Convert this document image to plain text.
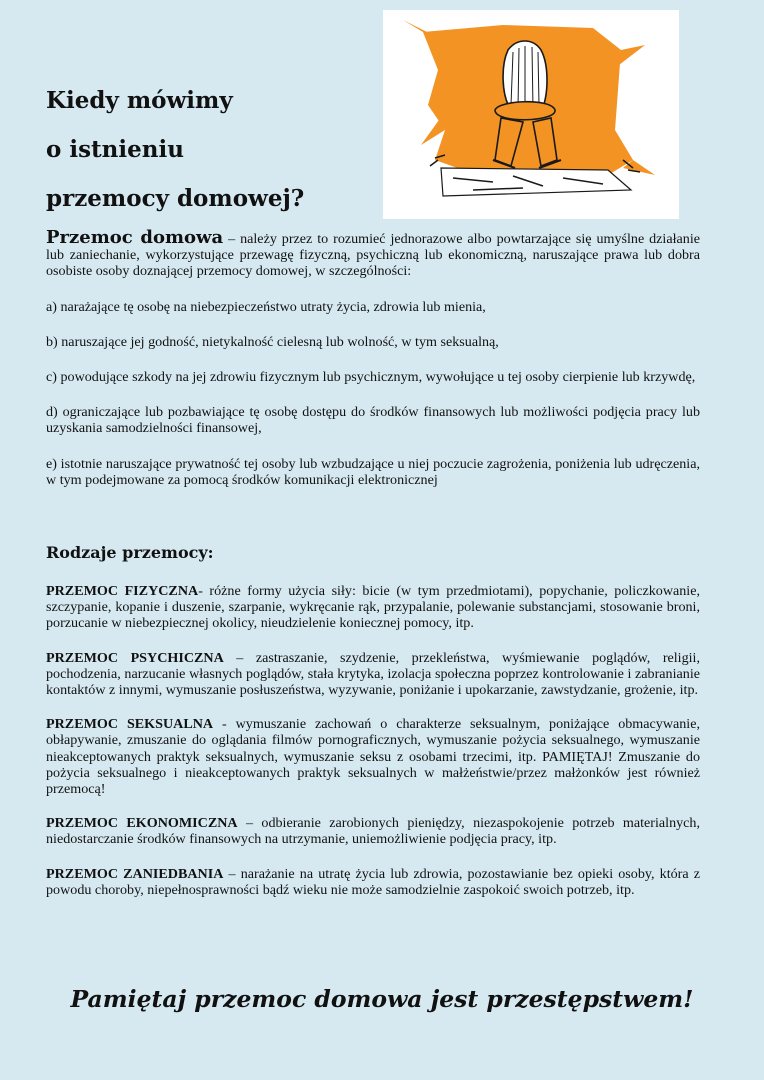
Kiedy mówimy
o istnieniu
przemocy domowej?

Przemoc domowa – należy przez to rozumieć jednorazowe albo powtarzające się umyślne działanie lub zaniechanie, wykorzystujące przewagę fizyczną, psychiczną lub ekonomiczną, naruszające prawa lub dobra osobiste osoby doznającej przemocy domowej, w szczególności:

a) narażające tę osobę na niebezpieczeństwo utraty życia, zdrowia lub mienia,

b) naruszające jej godność, nietykalność cielesną lub wolność, w tym seksualną,

c) powodujące szkody na jej zdrowiu fizycznym lub psychicznym, wywołujące u tej osoby cierpienie lub krzywdę,

d) ograniczające lub pozbawiające tę osobę dostępu do środków finansowych lub możliwości podjęcia pracy lub uzyskania samodzielności finansowej,

e) istotnie naruszające prywatność tej osoby lub wzbudzające u niej poczucie zagrożenia, poniżenia lub udręczenia, w tym podejmowane za pomocą środków komunikacji elektronicznej

Rodzaje przemocy:

PRZEMOC FIZYCZNA- różne formy użycia siły: bicie (w tym przedmiotami), popychanie, policzkowanie, szczypanie, kopanie i duszenie, szarpanie, wykręcanie rąk, przypalanie, polewanie substancjami, stosowanie broni, porzucanie w niebezpiecznej okolicy, nieudzielenie koniecznej pomocy, itp.

PRZEMOC PSYCHICZNA – zastraszanie, szydzenie, przekleństwa, wyśmiewanie poglądów, religii, pochodzenia, narzucanie własnych poglądów, stała krytyka, izolacja społeczna poprzez kontrolowanie i zabranianie kontaktów z innymi, wymuszanie posłuszeństwa, wyzywanie, poniżanie i upokarzanie, zawstydzanie, grożenie, itp.

PRZEMOC SEKSUALNA - wymuszanie zachowań o charakterze seksualnym, poniżające obmacywanie, obłapywanie, zmuszanie do oglądania filmów pornograficznych, wymuszanie pożycia seksualnego, wymuszanie nieakceptowanych praktyk seksualnych, wymuszanie seksu z osobami trzecimi, itp. PAMIĘTAJ! Zmuszanie do pożycia seksualnego i nieakceptowanych praktyk seksualnych w małżeństwie/przez małżonków jest również przemocą!

PRZEMOC EKONOMICZNA – odbieranie zarobionych pieniędzy, niezaspokojenie potrzeb materialnych, niedostarczanie środków finansowych na utrzymanie, uniemożliwienie podjęcia pracy, itp.

PRZEMOC ZANIEDBANIA – narażanie na utratę życia lub zdrowia, pozostawianie bez opieki osoby, która z powodu choroby, niepełnosprawności bądź wieku nie może samodzielnie zaspokoić swoich potrzeb, itp.

Pamiętaj przemoc domowa jest przestępstwem!
